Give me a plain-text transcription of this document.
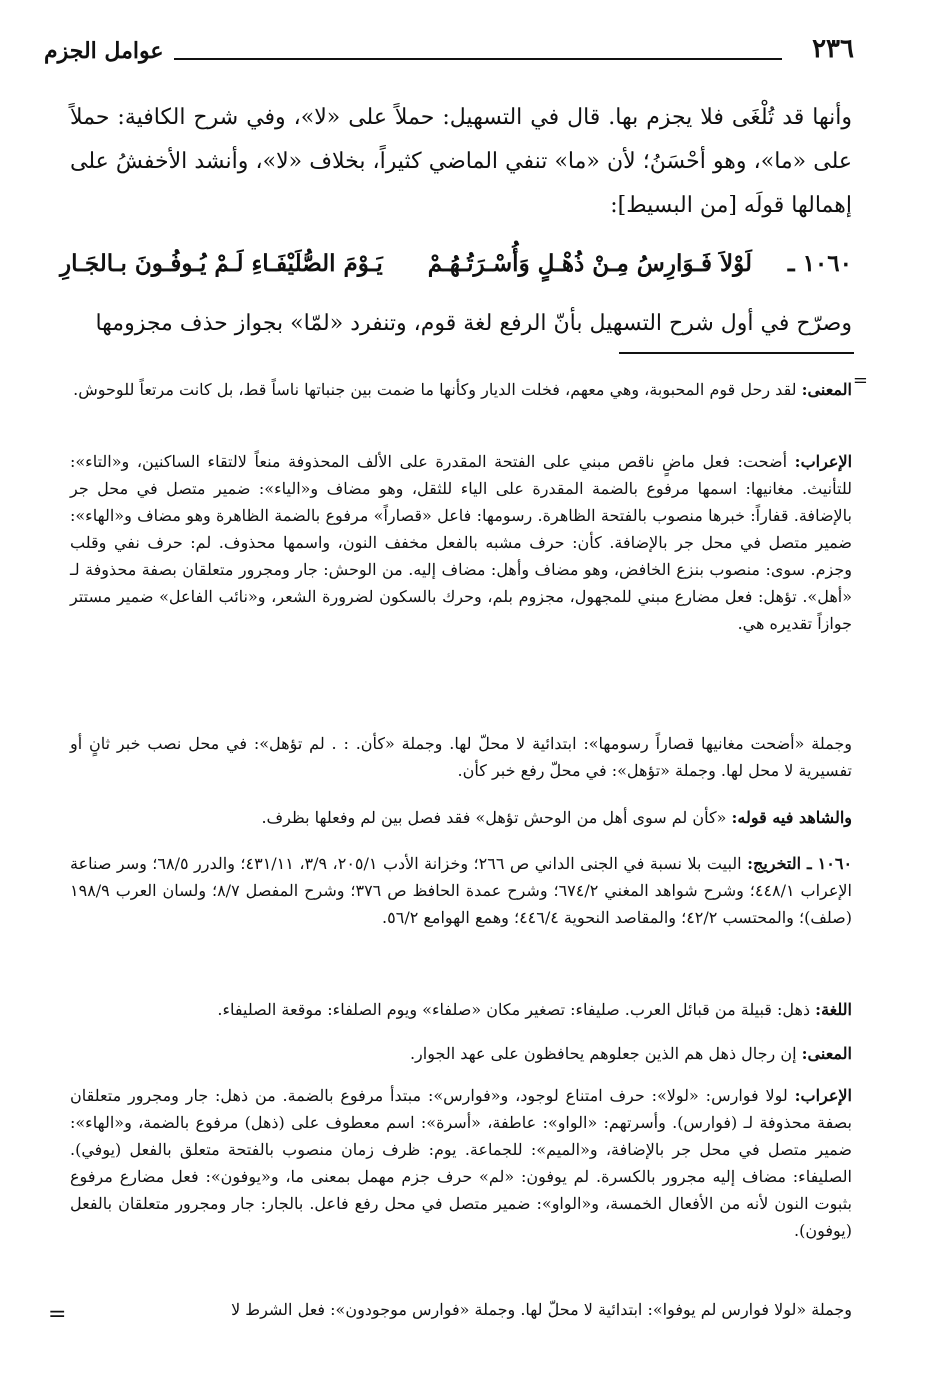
٢٣٦
عوامل الجزم

وأنها قد تُلْغَى فلا يجزم بها. قال في التسهيل: حملاً على «لا»، وفي شرح الكافية: حملاً على «ما»، وهو أحْسَنُ؛ لأن «ما» تنفي الماضي كثيراً، بخلاف «لا»، وأنشد الأخفشُ على إهمالها قولَه [من البسيط]:

١٠٦٠ ـ
لَوْلاَ فَـوَارِسُ مِـنْ ذُهْـلٍ وَأُسْـرَتُـهُـمْ
يَـوْمَ الصُّلَيْفَـاءِ لَـمْ يُـوفُـونَ بـالجَـارِ

وصرّح في أول شرح التسهيل بأنّ الرفع لغة قوم، وتنفرد «لمّا» بجواز حذف مجزومها

=
المعنى: لقد رحل قوم المحبوبة، وهي معهم، فخلت الديار وكأنها ما ضمت بين جنباتها ناساً قط، بل كانت مرتعاً للوحوش.
الإعراب: أضحت: فعل ماضٍ ناقص مبني على الفتحة المقدرة على الألف المحذوفة منعاً لالتقاء الساكنين، و«التاء»: للتأنيث. مغانيها: اسمها مرفوع بالضمة المقدرة على الياء للثقل، وهو مضاف و«الياء»: ضمير متصل في محل جر بالإضافة. قفاراً: خبرها منصوب بالفتحة الظاهرة. رسومها: فاعل «قصاراً» مرفوع بالضمة الظاهرة وهو مضاف و«الهاء»: ضمير متصل في محل جر بالإضافة. كأن: حرف مشبه بالفعل مخفف النون، واسمها محذوف. لم: حرف نفي وقلب وجزم. سوى: منصوب بنزع الخافض، وهو مضاف وأهل: مضاف إليه. من الوحش: جار ومجرور متعلقان بصفة محذوفة لـ «أهل». تؤهل: فعل مضارع مبني للمجهول، مجزوم بلم، وحرك بالسكون لضرورة الشعر، و«نائب الفاعل» ضمير مستتر جوازاً تقديره هي.
وجملة «أضحت مغانيها قصاراً رسومها»: ابتدائية لا محلّ لها. وجملة «كأن. : . لم تؤهل»: في محل نصب خبر ثانٍ أو تفسيرية لا محل لها. وجملة «تؤهل»: في محلّ رفع خبر كأن.
والشاهد فيه قوله: «كأن لم سوى أهل من الوحش تؤهل» فقد فصل بين لم وفعلها بظرف.
١٠٦٠ ـ التخريج: البيت بلا نسبة في الجنى الداني ص ٢٦٦؛ وخزانة الأدب ٢٠٥/١، ٣/٩، ٤٣١/١١؛ والدرر ٦٨/٥؛ وسر صناعة الإعراب ٤٤٨/١؛ وشرح شواهد المغني ٦٧٤/٢؛ وشرح عمدة الحافظ ص ٣٧٦؛ وشرح المفصل ٨/٧؛ ولسان العرب ١٩٨/٩ (صلف)؛ والمحتسب ٤٢/٢؛ والمقاصد النحوية ٤٤٦/٤؛ وهمع الهوامع ٥٦/٢.
اللغة: ذهل: قبيلة من قبائل العرب. صليفاء: تصغير مكان «صلفاء» ويوم الصلفاء: موقعة الصليفاء.
المعنى: إن رجال ذهل هم الذين جعلوهم يحافظون على عهد الجوار.
الإعراب: لولا فوارس: «لولا»: حرف امتناع لوجود، و«فوارس»: مبتدأ مرفوع بالضمة. من ذهل: جار ومجرور متعلقان بصفة محذوفة لـ (فوارس). وأسرتهم: «الواو»: عاطفة، «أسرة»: اسم معطوف على (ذهل) مرفوع بالضمة، و«الهاء»: ضمير متصل في محل جر بالإضافة، و«الميم»: للجماعة. يوم: ظرف زمان منصوب بالفتحة متعلق بالفعل (يوفي). الصليفاء: مضاف إليه مجرور بالكسرة. لم يوفون: «لم» حرف جزم مهمل بمعنى ما، و«يوفون»: فعل مضارع مرفوع بثبوت النون لأنه من الأفعال الخمسة، و«الواو»: ضمير متصل في محل رفع فاعل. بالجار: جار ومجرور متعلقان بالفعل (يوفون).
وجملة «لولا فوارس لم يوفوا»: ابتدائية لا محلّ لها. وجملة «فوارس موجودون»: فعل الشرط لا
=
